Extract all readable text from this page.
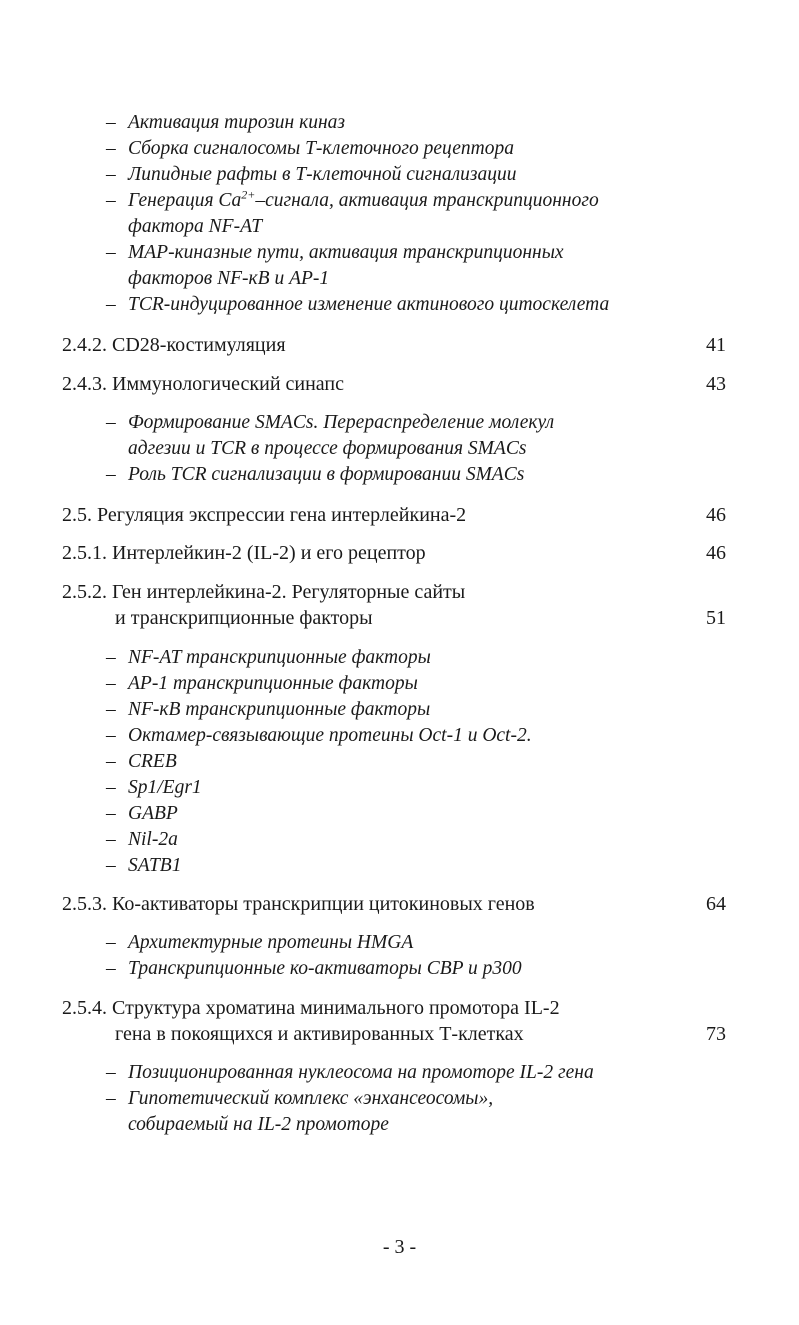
– Активация тирозин киназ
– Сборка сигналосомы Т-клеточного рецептора
– Липидные рафты в Т-клеточной сигнализации
– Генерация $Ca^{2+}$–сигнала, активация транскрипционного
фактора NF-AT
– MAP-киназные пути, активация транскрипционных
факторов NF-кB и AP-1
– TCR-индуцированное изменение актинового цитоскелета
2.4.2. CD28-костимуляция	41
2.4.3. Иммунологический синапс	43
– Формирование SMACs. Перераспределение молекул
адгезии и TCR в процессе формирования SMACs
– Роль TCR сигнализации в формировании SMACs
2.5. Регуляция экспрессии гена интерлейкина-2	46
2.5.1. Интерлейкин-2 (IL-2) и его рецептор	46
2.5.2. Ген интерлейкина-2. Регуляторные сайты
и транскрипционные факторы	51
– NF-AT транскрипционные факторы
– AP-1 транскрипционные факторы
– NF-кB транскрипционные факторы
– Октамер-связывающие протеины Oct-1 и Oct-2.
– CREB
– Sp1/Egr1
– GABP
– Nil-2a
– SATB1
2.5.3. Ко-активаторы транскрипции цитокиновых генов	64
– Архитектурные протеины HMGA
– Транскрипционные ко-активаторы CBP и p300
2.5.4. Структура хроматина минимального промотора IL-2
гена в покоящихся и активированных Т-клетках	73
– Позиционированная нуклеосома на промоторе IL-2 гена
– Гипотетический комплекс «энхансеосомы»,
собираемый на IL-2 промоторе
- 3 -
